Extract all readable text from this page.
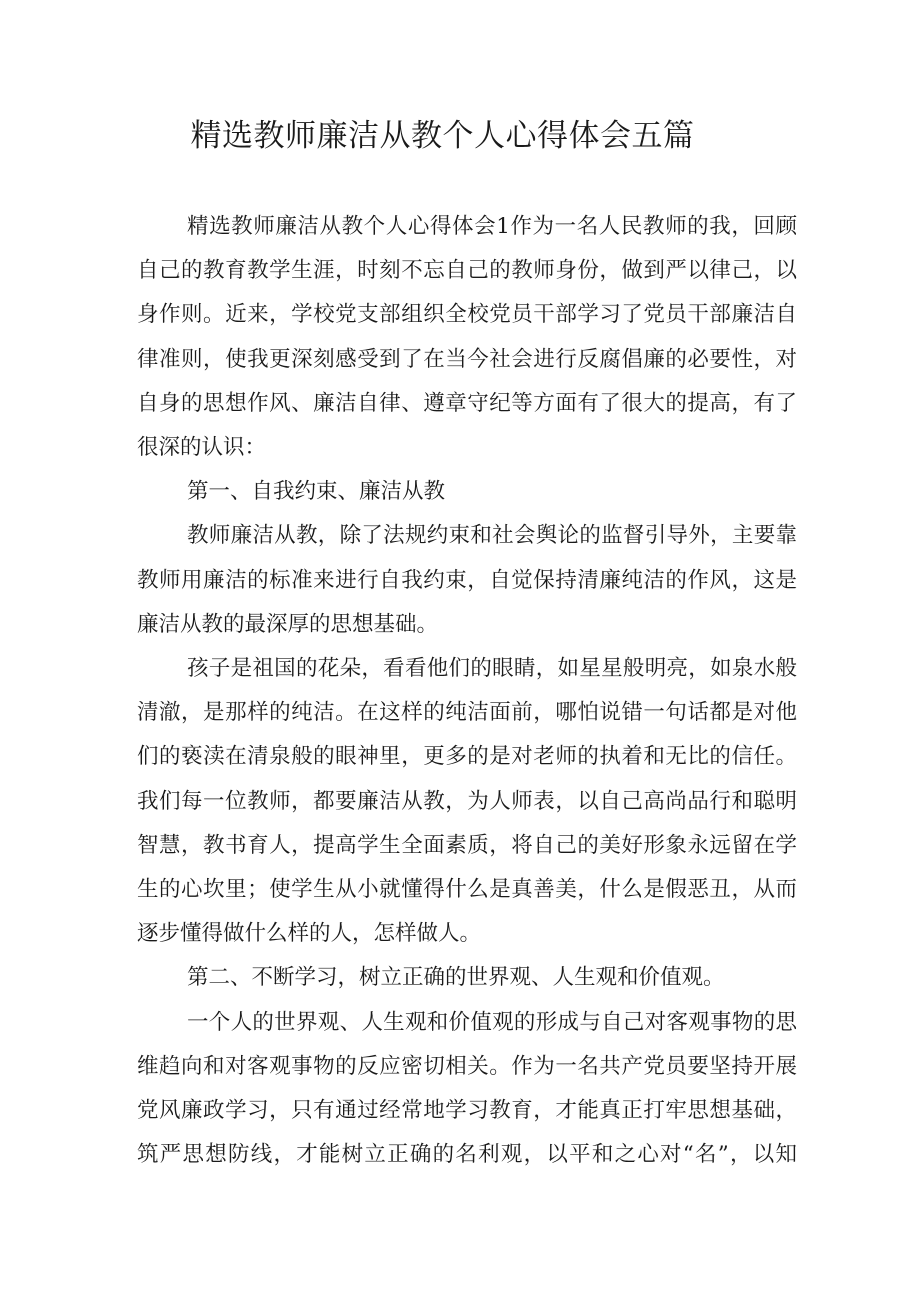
精选教师廉洁从教个人心得体会五篇

精选教师廉洁从教个人心得体会1作为一名人民教师的我，回顾

自己的教育教学生涯，时刻不忘自己的教师身份，做到严以律己，以

身作则。近来，学校党支部组织全校党员干部学习了党员干部廉洁自

律准则，使我更深刻感受到了在当今社会进行反腐倡廉的必要性，对

自身的思想作风、廉洁自律、遵章守纪等方面有了很大的提高，有了

很深的认识：

第一、自我约束、廉洁从教

教师廉洁从教，除了法规约束和社会舆论的监督引导外，主要靠

教师用廉洁的标准来进行自我约束，自觉保持清廉纯洁的作风，这是

廉洁从教的最深厚的思想基础。

孩子是祖国的花朵，看看他们的眼睛，如星星般明亮，如泉水般

清澈，是那样的纯洁。在这样的纯洁面前，哪怕说错一句话都是对他

们的亵渎在清泉般的眼神里，更多的是对老师的执着和无比的信任。

我们每一位教师，都要廉洁从教，为人师表，以自己高尚品行和聪明

智慧，教书育人，提高学生全面素质，将自己的美好形象永远留在学

生的心坎里；使学生从小就懂得什么是真善美，什么是假恶丑，从而

逐步懂得做什么样的人，怎样做人。

第二、不断学习，树立正确的世界观、人生观和价值观。

一个人的世界观、人生观和价值观的形成与自己对客观事物的思

维趋向和对客观事物的反应密切相关。作为一名共产党员要坚持开展

党风廉政学习，只有通过经常地学习教育，才能真正打牢思想基础，

筑严思想防线，才能树立正确的名利观，以平和之心对“名”，以知
